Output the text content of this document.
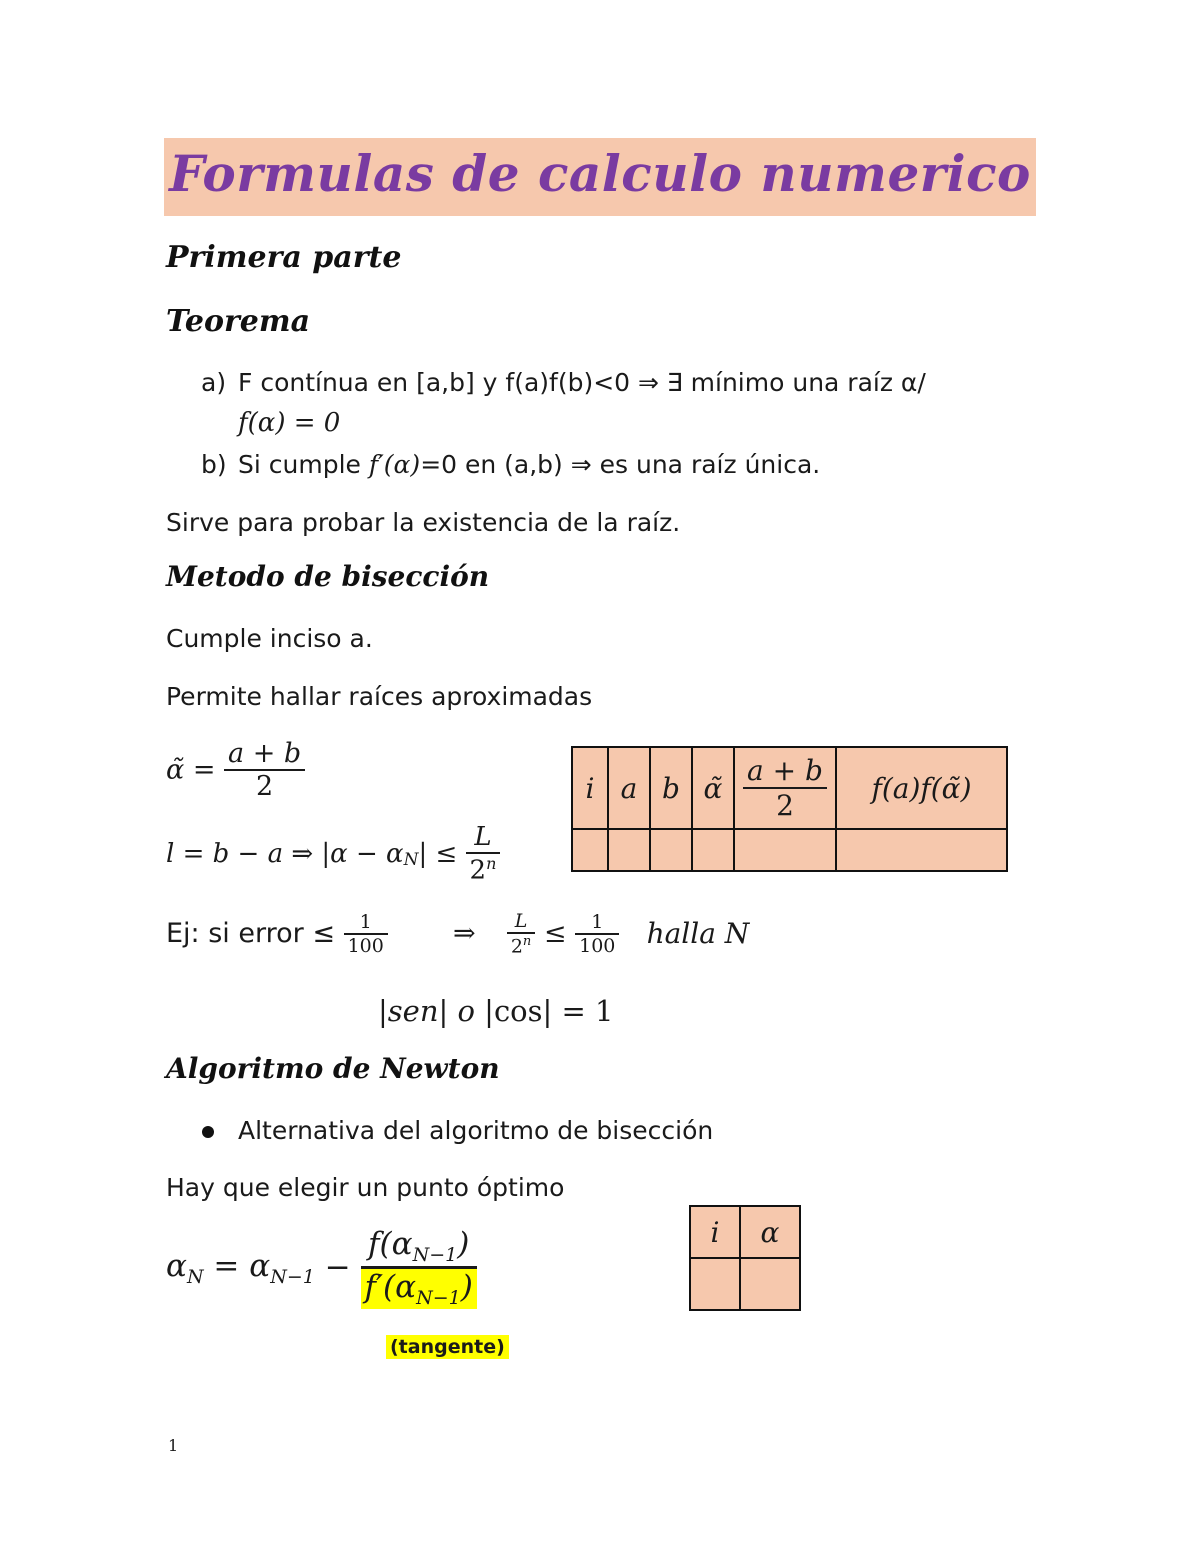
Formulas de calculo numerico
Primera parte
Teorema
a) F contínua en [a,b] y f(a)f(b)<0 ⇒ ∃ mínimo una raíz α/
f(α) = 0
b) Si cumple f′(α)=0 en (a,b) ⇒ es una raíz única.
Sirve para probar la existencia de la raíz.
Metodo de bisección
Cumple inciso a.
Permite hallar raíces aproximadas
α̃ = $\frac{a + b}{2}$
l = b − a ⇒ $|\alpha - \alpha_N| \le \frac{L}{2^n}$
i	a	b	α̃	$\frac{a + b}{2}$	f(a)f(α̃)

Ej: si error ≤ $\frac{1}{100}$ ⇒ $\frac{L}{2^n} \le \frac{1}{100}$ halla N
|sen| o |cos| = 1
Algoritmo de Newton
Alternativa del algoritmo de bisección
Hay que elegir un punto óptimo
$\alpha_N = \alpha_{N-1} - \frac{f(\alpha_{N-1})}{f'(\alpha_{N-1})}$
(tangente)
i	α

1
